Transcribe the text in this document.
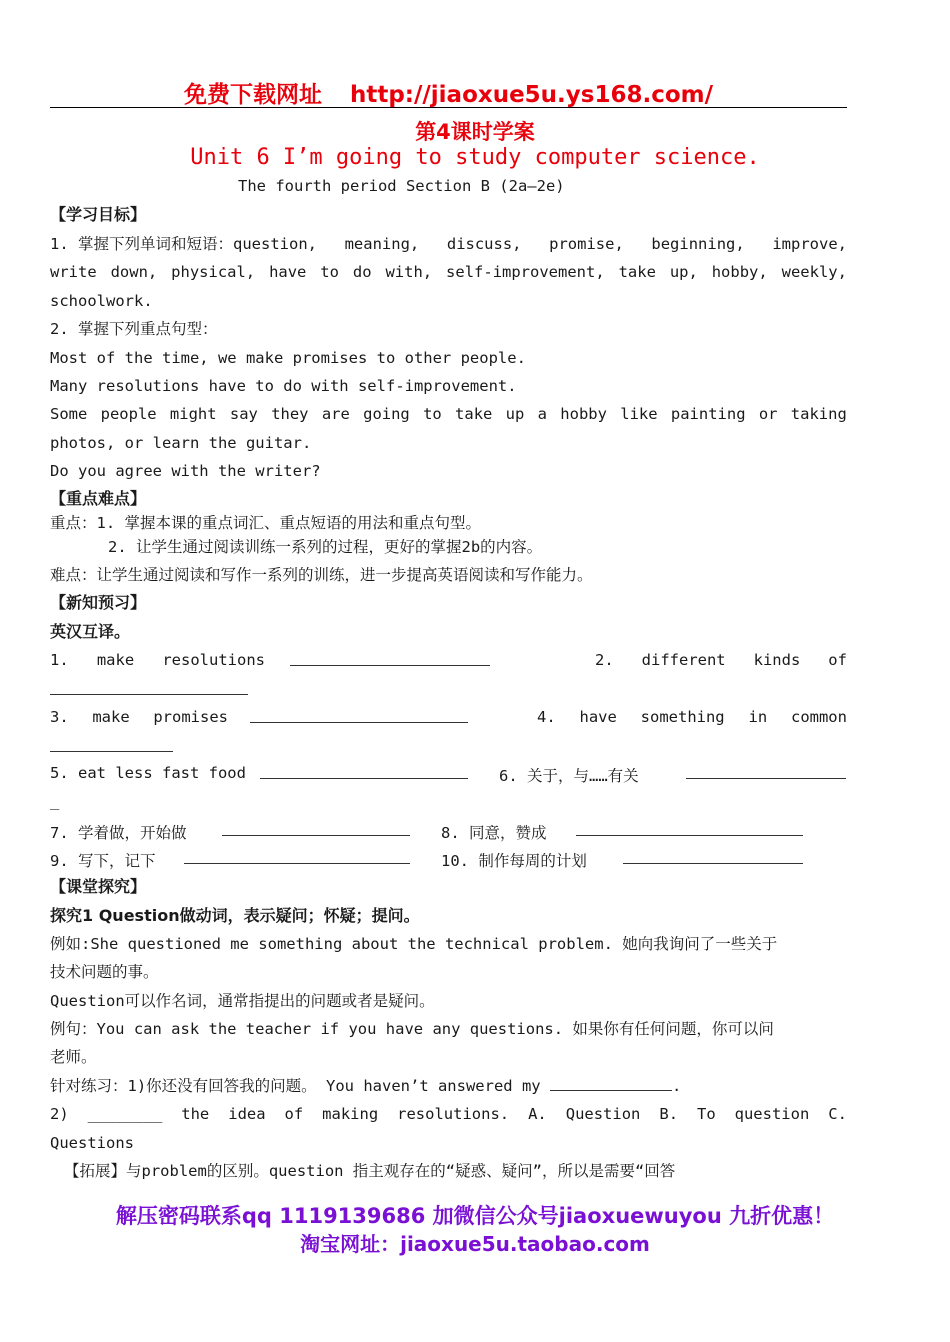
免费下载网址 http://jiaoxue5u.ys168.com/
第4课时学案
Unit 6 I’m going to study computer science.
The fourth period Section B (2a—2e)
【学习目标】
1. 掌握下列单词和短语：question, meaning, discuss, promise, beginning, improve,
write down, physical, have to do with, self-improvement, take up, hobby, weekly,
schoolwork.
2. 掌握下列重点句型：
Most of the time, we make promises to other people.
Many resolutions have to do with self-improvement.
Some people might say they are going to take up a hobby like painting or taking
photos, or learn the guitar.
Do you agree with the writer?
【重点难点】
重点：1. 掌握本课的重点词汇、重点短语的用法和重点句型。
2. 让学生通过阅读训练一系列的过程，更好的掌握2b的内容。
难点：让学生通过阅读和写作一系列的训练，进一步提高英语阅读和写作能力。
【新知预习】
英汉互译。
1. make resolutions	2. different kinds of
3. make promises	4. have something in common
5. eat less fast food	6. 关于，与……有关
_
7. 学着做，开始做	8. 同意，赞成
9. 写下，记下	10. 制作每周的计划
【课堂探究】
探究1 Question做动词，表示疑问；怀疑；提问。
例如:She questioned me something about the technical problem. 她向我询问了一些关于
技术问题的事。
Question可以作名词，通常指提出的问题或者是疑问。
例句：You can ask the teacher if you have any questions. 如果你有任何问题，你可以问
老师。
针对练习：1)你还没有回答我的问题。 You haven’t answered my	.
2) ________ the idea of making resolutions. A. Question B. To question C.
Questions
【拓展】与problem的区别。question 指主观存在的“疑惑、疑问”，所以是需要“回答
解压密码联系qq 1119139686 加微信公众号jiaoxuewuyou 九折优惠！
淘宝网址：jiaoxue5u.taobao.com
